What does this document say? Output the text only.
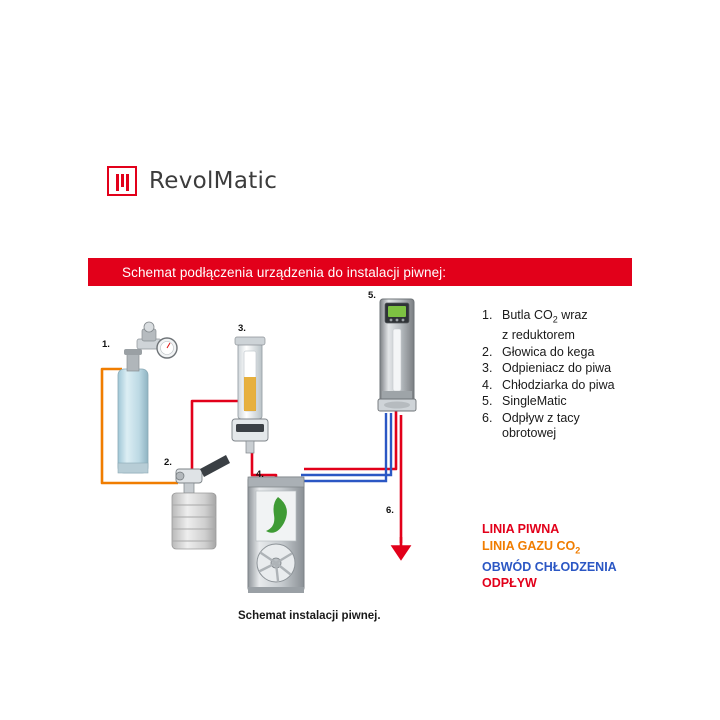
RevolMatic
Schemat podłączenia urządzenia do instalacji piwnej:
1. Butla $CO_2$ wraz
z reduktorem
2. Głowica do kega
3. Odpieniacz do piwa
4. Chłodziarka do piwa
5. SingleMatic
6. Odpływ z tacy
obrotowej
LINIA PIWNA
LINIA GAZU $CO_2$
OBWÓD CHŁODZENIA
ODPŁYW
Schemat instalacji piwnej.
1.
2.
3.
4.
5.
6.
